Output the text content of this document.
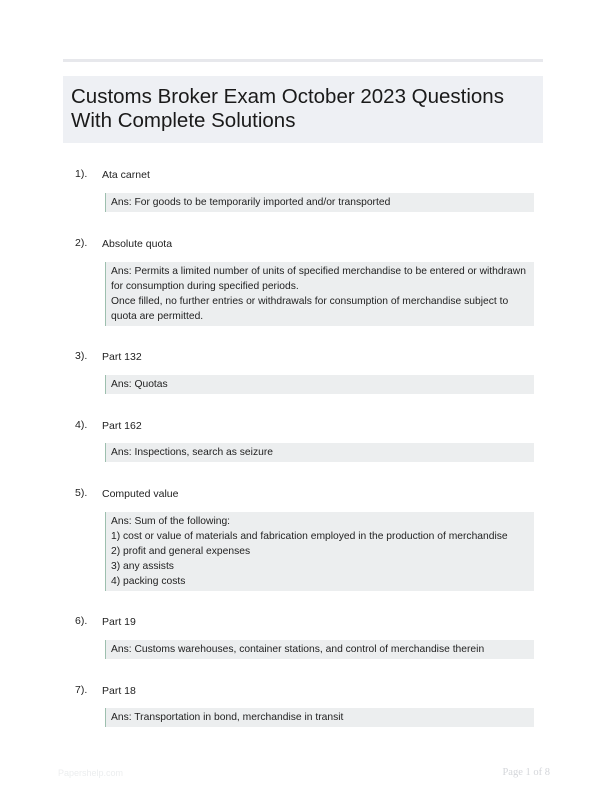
Customs Broker Exam October 2023 Questions With Complete Solutions
1). Ata carnet

Ans: For goods to be temporarily imported and/or transported

2). Absolute quota

Ans: Permits a limited number of units of specified merchandise to be entered or withdrawn for consumption during specified periods.

Once filled, no further entries or withdrawals for consumption of merchandise subject to quota are permitted.

3). Part 132

Ans: Quotas

4). Part 162

Ans: Inspections, search as seizure

5). Computed value

Ans: Sum of the following:

1) cost or value of materials and fabrication employed in the production of merchandise

2) profit and general expenses

3) any assists

4) packing costs

6). Part 19

Ans: Customs warehouses, container stations, and control of merchandise therein

7). Part 18

Ans: Transportation in bond, merchandise in transit

Papershelp.com	Page 1 of 8
